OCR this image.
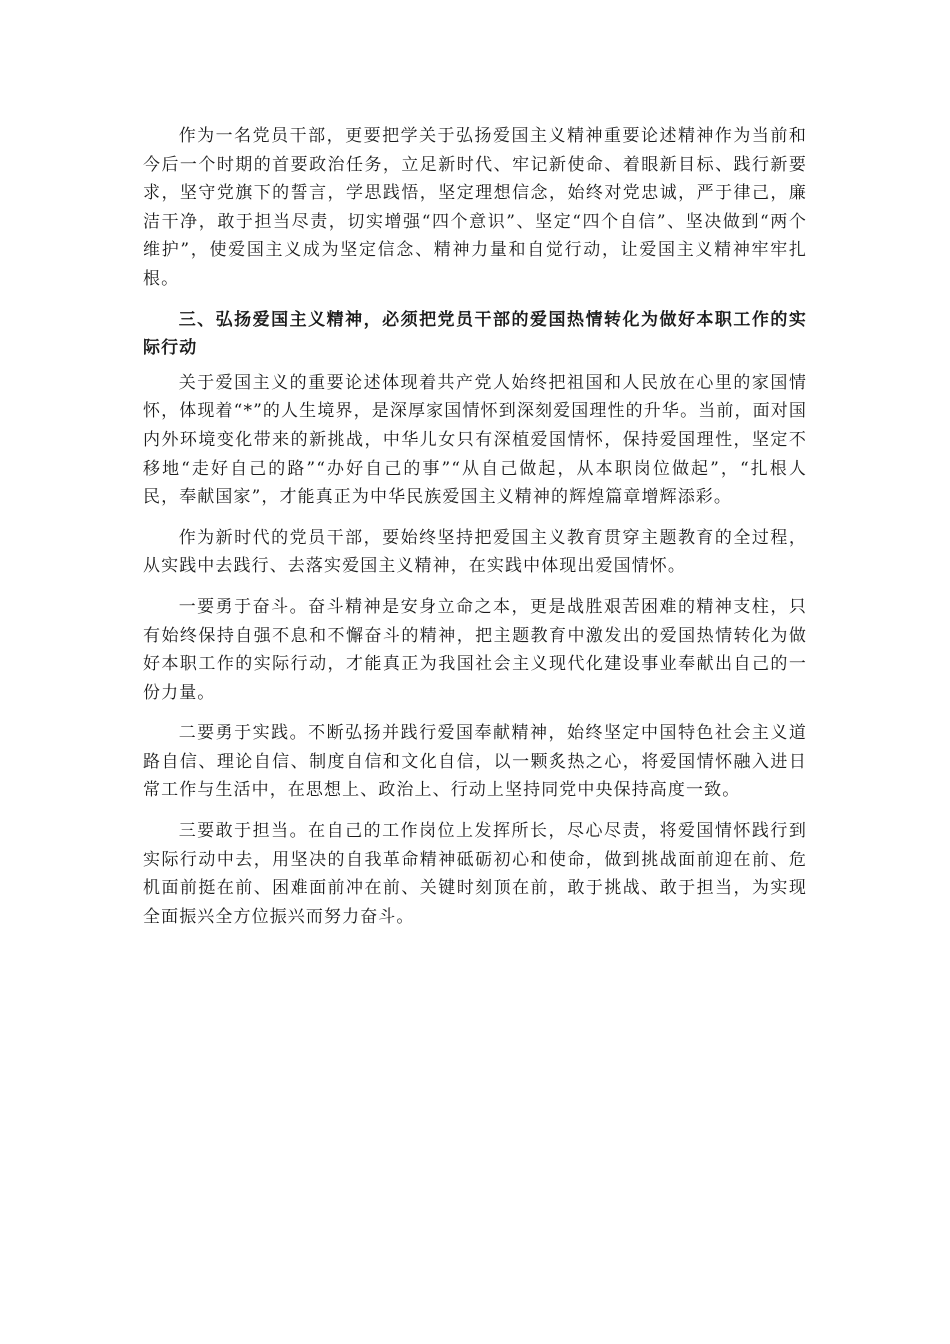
作为一名党员干部，更要把学关于弘扬爱国主义精神重要论述精神作为当前和今后一个时期的首要政治任务，立足新时代、牢记新使命、着眼新目标、践行新要求，坚守党旗下的誓言，学思践悟，坚定理想信念，始终对党忠诚，严于律己，廉洁干净，敢于担当尽责，切实增强“四个意识”、坚定“四个自信”、坚决做到“两个维护”，使爱国主义成为坚定信念、精神力量和自觉行动，让爱国主义精神牢牢扎根。

三、弘扬爱国主义精神，必须把党员干部的爱国热情转化为做好本职工作的实际行动

关于爱国主义的重要论述体现着共产党人始终把祖国和人民放在心里的家国情怀，体现着“*”的人生境界，是深厚家国情怀到深刻爱国理性的升华。当前，面对国内外环境变化带来的新挑战，中华儿女只有深植爱国情怀，保持爱国理性，坚定不移地“走好自己的路”“办好自己的事”“从自己做起，从本职岗位做起”，“扎根人民，奉献国家”，才能真正为中华民族爱国主义精神的辉煌篇章增辉添彩。

作为新时代的党员干部，要始终坚持把爱国主义教育贯穿主题教育的全过程，从实践中去践行、去落实爱国主义精神，在实践中体现出爱国情怀。

一要勇于奋斗。奋斗精神是安身立命之本，更是战胜艰苦困难的精神支柱，只有始终保持自强不息和不懈奋斗的精神，把主题教育中激发出的爱国热情转化为做好本职工作的实际行动，才能真正为我国社会主义现代化建设事业奉献出自己的一份力量。

二要勇于实践。不断弘扬并践行爱国奉献精神，始终坚定中国特色社会主义道路自信、理论自信、制度自信和文化自信，以一颗炙热之心，将爱国情怀融入进日常工作与生活中，在思想上、政治上、行动上坚持同党中央保持高度一致。

三要敢于担当。在自己的工作岗位上发挥所长，尽心尽责，将爱国情怀践行到实际行动中去，用坚决的自我革命精神砥砺初心和使命，做到挑战面前迎在前、危机面前挺在前、困难面前冲在前、关键时刻顶在前，敢于挑战、敢于担当，为实现全面振兴全方位振兴而努力奋斗。
